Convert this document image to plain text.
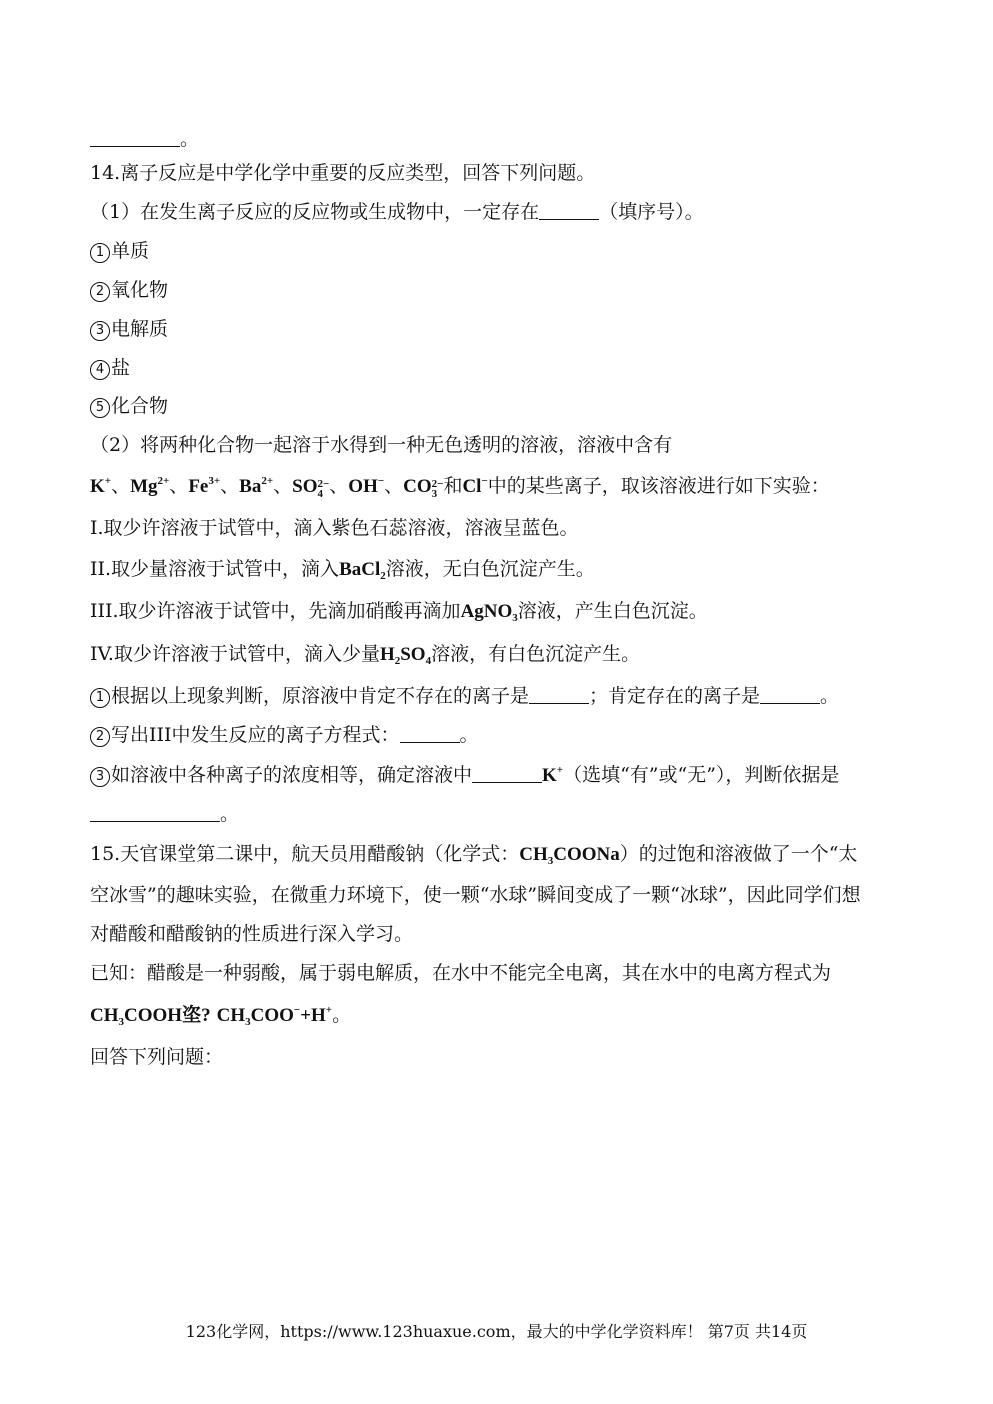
。
14.离子反应是中学化学中重要的反应类型，回答下列问题。
（1）在发生离子反应的反应物或生成物中，一定存在	（填序号）。
1 单质
2 氧化物
3 电解质
4 盐
5 化合物
（2）将两种化合物一起溶于水得到一种无色透明的溶液，溶液中含有
K+、$Mg^{2+}$、$Fe^{3+}$、$Ba^{2+}$、SO 2−
4 、OH−、CO 2−
3 和Cl−中的某些离子，取该溶液进行如下实验：
I.取少许溶液于试管中，滴入紫色石蕊溶液，溶液呈蓝色。
II.取少量溶液于试管中，滴入BaCl$_2$溶液，无白色沉淀产生。
III.取少许溶液于试管中，先滴加硝酸再滴加AgNO$_3$溶液，产生白色沉淀。
IV.取少许溶液于试管中，滴入少量$H_2SO_4$溶液，有白色沉淀产生。
1 根据以上现象判断，原溶液中肯定不存在的离子是	；肯定存在的离子是	。
2 写出III中发生反应的离子方程式：	。
3 如溶液中各种离子的浓度相等，确定溶液中	K+（选填“有”或“无”），判断依据是
。
15.天官课堂第二课中，航天员用醋酸钠（化学式：$CH_3COONa$）的过饱和溶液做了一个“太
空冰雪”的趣味实验，在微重力环境下，使一颗“水球”瞬间变成了一颗“冰球”，因此同学们想
对醋酸和醋酸钠的性质进行深入学习。
已知：醋酸是一种弱酸，属于弱电解质，在水中不能完全电离，其在水中的电离方程式为
$CH_3COOH$垐? $CH_3COO^-+H^+$。
回答下列问题：
123化学网，https://www.123huaxue.com，最大的中学化学资料库！ 第7页 共14页
